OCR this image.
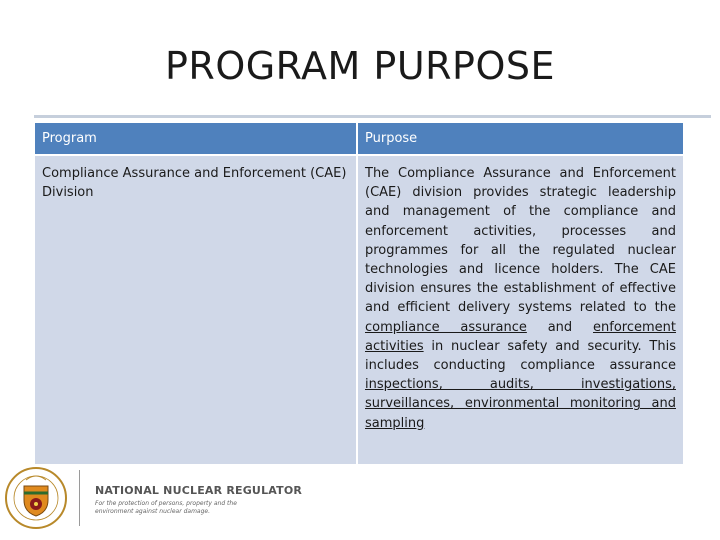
PROGRAM PURPOSE
Program	Purpose
Compliance Assurance and Enforcement (CAE) Division	The Compliance Assurance and Enforcement (CAE) division provides strategic leadership and management of the compliance and enforcement activities, processes and programmes for all the regulated nuclear technologies and licence holders. The CAE division ensures the establishment of effective and efficient delivery systems related to the compliance assurance and enforcement activities in nuclear safety and security. This includes conducting compliance assurance inspections, audits, investigations, surveillances, environmental monitoring and sampling
NATIONAL NUCLEAR REGULATOR
For the protection of persons, property and the environment against nuclear damage.
